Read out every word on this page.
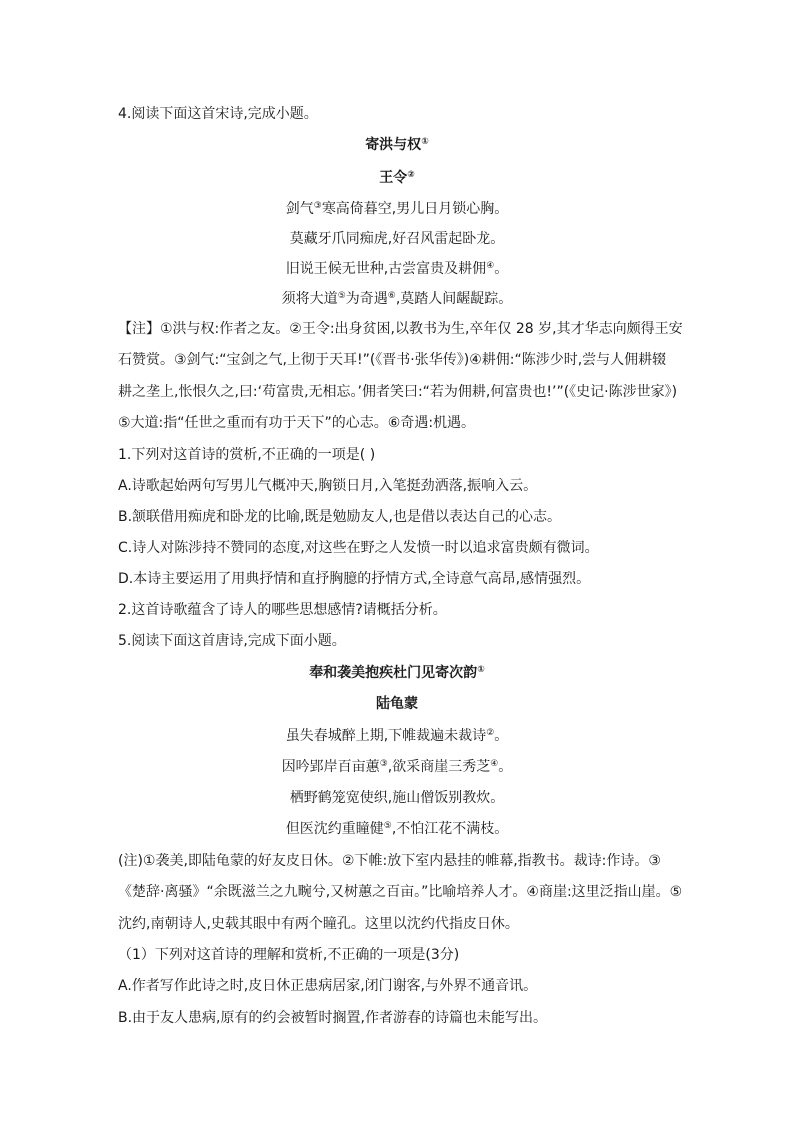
4.阅读下面这首宋诗,完成小题。
寄洪与权①
王令②
剑气③寒高倚暮空,男儿日月锁心胸。
莫藏牙爪同痴虎,好召风雷起卧龙。
旧说王候无世种,古尝富贵及耕佣④。
须将大道⑤为奇遇⑥,莫踏人间龌龊踪。
【注】①洪与权:作者之友。②王令:出身贫困,以教书为生,卒年仅 28 岁,其才华志向颇得王安
石赞赏。③剑气:“宝剑之气,上彻于天耳!”(《晋书·张华传》)④耕佣:“陈涉少时,尝与人佣耕辍
耕之垄上,怅恨久之,曰:‘苟富贵,无相忘。’佣者笑曰:“若为佣耕,何富贵也!’”(《史记·陈涉世家》)
⑤大道:指“任世之重而有功于天下”的心志。⑥奇遇:机遇。
1.下列对这首诗的赏析,不正确的一项是( )
A.诗歌起始两句写男儿气概冲天,胸锁日月,入笔挺劲洒落,振响入云。
B.颔联借用痴虎和卧龙的比喻,既是勉励友人,也是借以表达自己的心志。
C.诗人对陈涉持不赞同的态度,对这些在野之人发愤一时以追求富贵颇有微词。
D.本诗主要运用了用典抒情和直抒胸臆的抒情方式,全诗意气高昂,感情强烈。
2.这首诗歌蕴含了诗人的哪些思想感情?请概括分析。
5.阅读下面这首唐诗,完成下面小题。
奉和袭美抱疾杜门见寄次韵①
陆龟蒙
虽失春城醉上期,下帷裁遍未裁诗②。
因吟郢岸百亩蕙③,欲采商崖三秀芝④。
栖野鹤笼宽使织,施山僧饭别教炊。
但医沈约重瞳健⑤,不怕江花不满枝。
(注)①袭美,即陆龟蒙的好友皮日休。②下帷:放下室内悬挂的帷幕,指教书。裁诗:作诗。③
《楚辞·离骚》“余既滋兰之九畹兮,又树蕙之百亩。”比喻培养人才。④商崖:这里泛指山崖。⑤
沈约,南朝诗人,史载其眼中有两个瞳孔。这里以沈约代指皮日休。
（1）下列对这首诗的理解和赏析,不正确的一项是(3分)
A.作者写作此诗之时,皮日休正患病居家,闭门谢客,与外界不通音讯。
B.由于友人患病,原有的约会被暂时搁置,作者游春的诗篇也未能写出。
